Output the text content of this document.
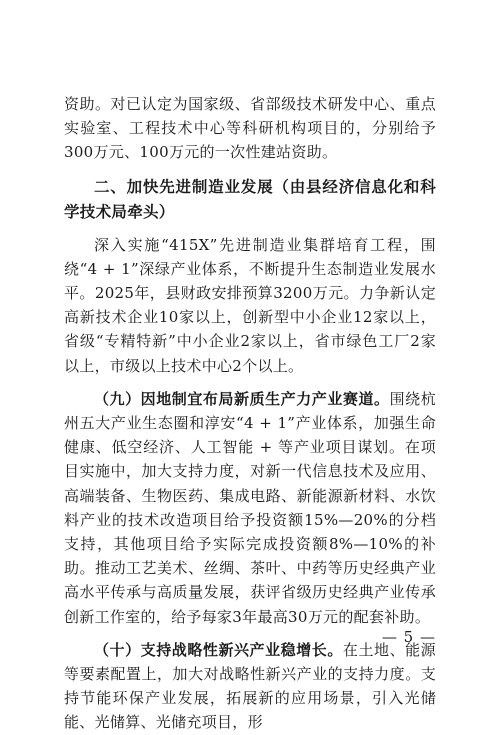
资助。对已认定为国家级、省部级技术研发中心、重点实验室、工程技术中心等科研机构项目的，分别给予300万元、100万元的一次性建站资助。

二、加快先进制造业发展（由县经济信息化和科学技术局牵头）

深入实施“415X”先进制造业集群培育工程，围绕“4 + 1”深绿产业体系，不断提升生态制造业发展水平。2025年，县财政安排预算3200万元。力争新认定高新技术企业10家以上，创新型中小企业12家以上，省级“专精特新”中小企业2家以上，省市绿色工厂2家以上，市级以上技术中心2个以上。

（九）因地制宜布局新质生产力产业赛道。围绕杭州五大产业生态圈和淳安“4 + 1”产业体系，加强生命健康、低空经济、人工智能 + 等产业项目谋划。在项目实施中，加大支持力度，对新一代信息技术及应用、高端装备、生物医药、集成电路、新能源新材料、水饮料产业的技术改造项目给予投资额15%—20%的分档支持，其他项目给予实际完成投资额8%—10%的补助。推动工艺美术、丝绸、茶叶、中药等历史经典产业高水平传承与高质量发展，获评省级历史经典产业传承创新工作室的，给予每家3年最高30万元的配套补助。

（十）支持战略性新兴产业稳增长。在土地、能源等要素配置上，加大对战略性新兴产业的支持力度。支持节能环保产业发展，拓展新的应用场景，引入光储能、光储算、光储充项目，形

— 5 —
